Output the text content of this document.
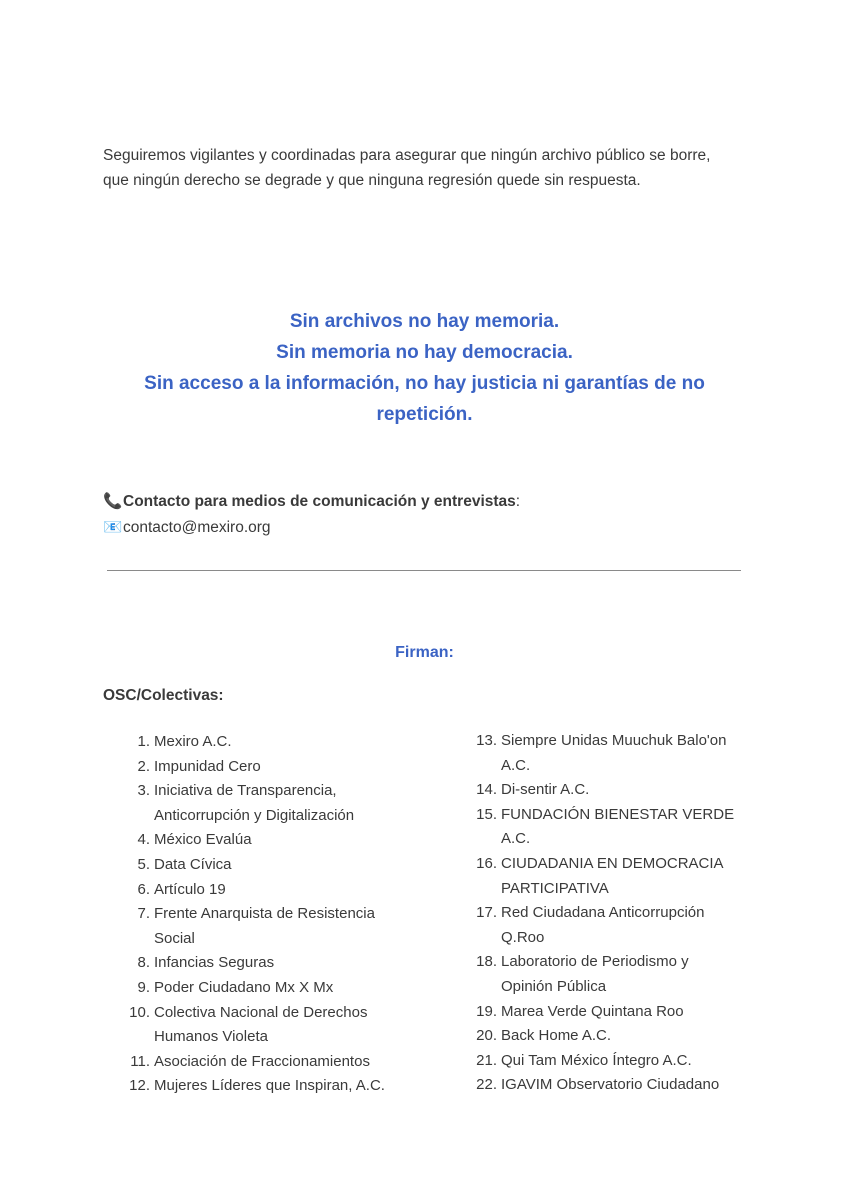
Seguiremos vigilantes y coordinadas para asegurar que ningún archivo público se borre,

que ningún derecho se degrade y que ninguna regresión quede sin respuesta.

Sin archivos no hay memoria.

Sin memoria no hay democracia.

Sin acceso a la información, no hay justicia ni garantías de no

repetición.

📞Contacto para medios de comunicación y entrevistas:

📧contacto@mexiro.org

Firman:
OSC/Colectivas:
1. Mexiro A.C.
2. Impunidad Cero
3. Iniciativa de Transparencia,
Anticorrupción y Digitalización
4. México Evalúa
5. Data Cívica
6. Artículo 19
7. Frente Anarquista de Resistencia
Social
8. Infancias Seguras
9. Poder Ciudadano Mx X Mx
10. Colectiva Nacional de Derechos
Humanos Violeta
11. Asociación de Fraccionamientos
12. Mujeres Líderes que Inspiran, A.C.
13. Siempre Unidas Muuchuk Balo'on
A.C.
14. Di-sentir A.C.
15. FUNDACIÓN BIENESTAR VERDE
A.C.
16. CIUDADANIA EN DEMOCRACIA
PARTICIPATIVA
17. Red Ciudadana Anticorrupción
Q.Roo
18. Laboratorio de Periodismo y
Opinión Pública
19. Marea Verde Quintana Roo
20. Back Home A.C.
21. Qui Tam México Íntegro A.C.
22. IGAVIM Observatorio Ciudadano
